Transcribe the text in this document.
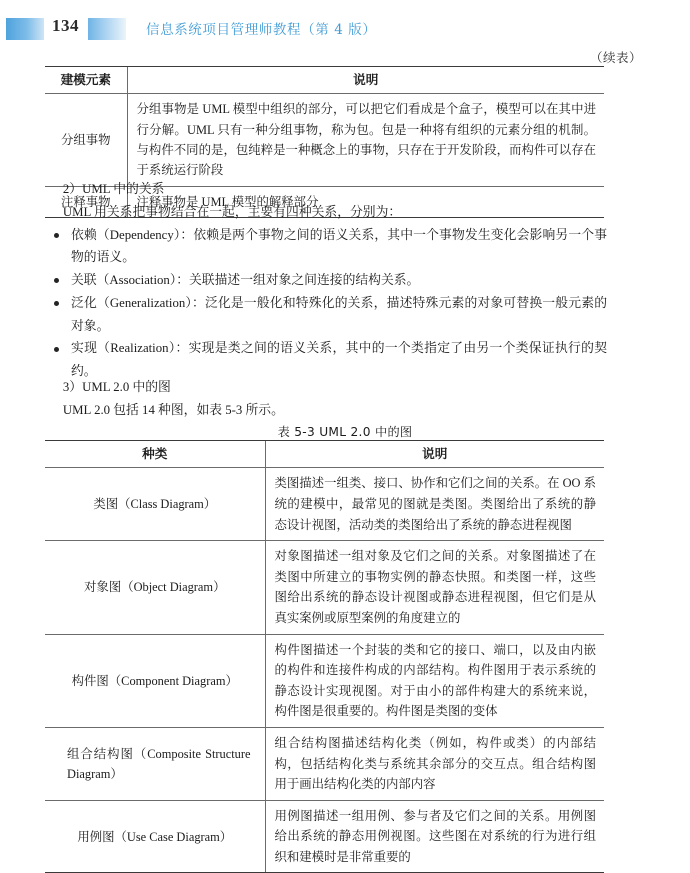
134	信息系统项目管理师教程（第 4 版）
（续表）
建模元素	说明
分组事物	分组事物是 UML 模型中组织的部分，可以把它们看成是个盒子，模型可以在其中进行分解。UML 只有一种分组事物，称为包。包是一种将有组织的元素分组的机制。与构件不同的是，包纯粹是一种概念上的事物，只存在于开发阶段，而构件可以存在于系统运行阶段
注释事物	注释事物是 UML 模型的解释部分

2）UML 中的关系

UML 用关系把事物结合在一起，主要有四种关系，分别为：

依赖（Dependency）：依赖是两个事物之间的语义关系，其中一个事物发生变化会影响另一个事物的语义。
关联（Association）：关联描述一组对象之间连接的结构关系。
泛化（Generalization）：泛化是一般化和特殊化的关系，描述特殊元素的对象可替换一般元素的对象。
实现（Realization）：实现是类之间的语义关系，其中的一个类指定了由另一个类保证执行的契约。

3）UML 2.0 中的图

UML 2.0 包括 14 种图，如表 5-3 所示。

表 5-3 UML 2.0 中的图
种类	说明
类图（Class Diagram）	类图描述一组类、接口、协作和它们之间的关系。在 OO 系统的建模中，最常见的图就是类图。类图给出了系统的静态设计视图，活动类的类图给出了系统的静态进程视图
对象图（Object Diagram）	对象图描述一组对象及它们之间的关系。对象图描述了在类图中所建立的事物实例的静态快照。和类图一样，这些图给出系统的静态设计视图或静态进程视图，但它们是从真实案例或原型案例的角度建立的
构件图（Component Diagram）	构件图描述一个封装的类和它的接口、端口，以及由内嵌的构件和连接件构成的内部结构。构件图用于表示系统的静态设计实现视图。对于由小的部件构建大的系统来说，构件图是很重要的。构件图是类图的变体

组合结构图（Composite Structure Diagram）	组合结构图描述结构化类（例如，构件或类）的内部结构，包括结构化类与系统其余部分的交互点。组合结构图用于画出结构化类的内部内容
用例图（Use Case Diagram）	用例图描述一组用例、参与者及它们之间的关系。用例图给出系统的静态用例视图。这些图在对系统的行为进行组织和建模时是非常重要的
